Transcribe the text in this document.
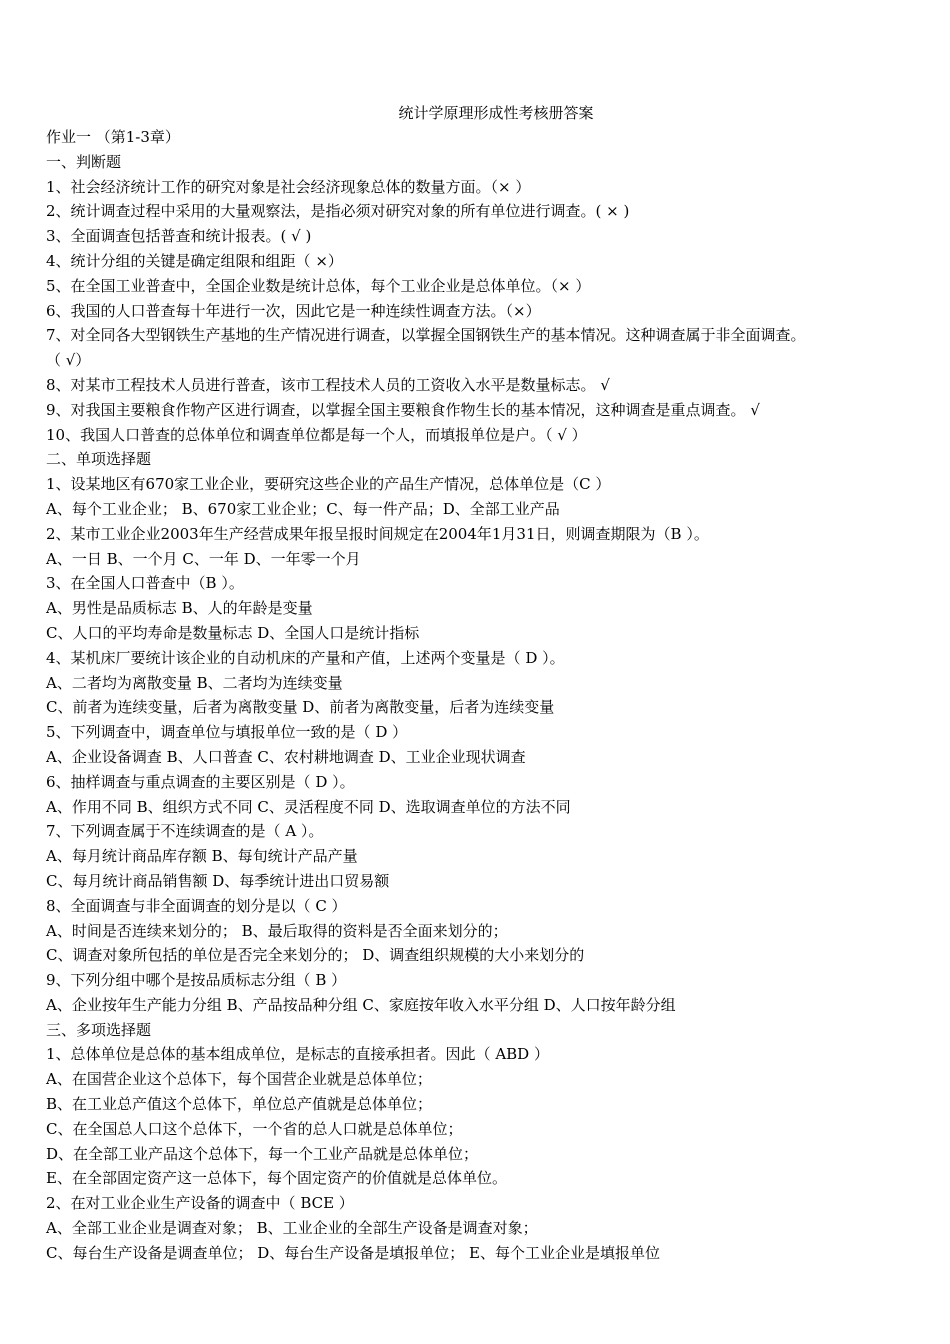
统计学原理形成性考核册答案
作业一 （第1-3章）
一、判断题
1、社会经济统计工作的研究对象是社会经济现象总体的数量方面。（× ）
2、统计调查过程中采用的大量观察法，是指必须对研究对象的所有单位进行调查。( × )
3、全面调查包括普查和统计报表。( √ )
4、统计分组的关键是确定组限和组距（ ×）
5、在全国工业普查中，全国企业数是统计总体，每个工业企业是总体单位。（× ）
6、我国的人口普查每十年进行一次，因此它是一种连续性调查方法。（×）
7、对全同各大型钢铁生产基地的生产情况进行调查，以掌握全国钢铁生产的基本情况。这种调查属于非全面调查。
（ √）
8、对某市工程技术人员进行普查，该市工程技术人员的工资收入水平是数量标志。 √
9、对我国主要粮食作物产区进行调查，以掌握全国主要粮食作物生长的基本情况，这种调查是重点调查。 √
10、我国人口普查的总体单位和调查单位都是每一个人，而填报单位是户。（ √ ）
二、单项选择题
1、设某地区有670家工业企业，要研究这些企业的产品生产情况，总体单位是（C ）
A、每个工业企业； B、670家工业企业；C、每一件产品；D、全部工业产品
2、某市工业企业2003年生产经营成果年报呈报时间规定在2004年1月31日，则调查期限为（B ）。
A、一日 B、一个月 C、一年 D、一年零一个月
3、在全国人口普查中（B ）。
A、男性是品质标志 B、人的年龄是变量
C、人口的平均寿命是数量标志 D、全国人口是统计指标
4、某机床厂要统计该企业的自动机床的产量和产值，上述两个变量是（ D ）。
A、二者均为离散变量 B、二者均为连续变量
C、前者为连续变量，后者为离散变量 D、前者为离散变量，后者为连续变量
5、下列调查中，调查单位与填报单位一致的是（ D ）
A、企业设备调查 B、人口普查 C、农村耕地调查 D、工业企业现状调查
6、抽样调查与重点调查的主要区别是（ D ）。
A、作用不同 B、组织方式不同 C、灵活程度不同 D、选取调查单位的方法不同
7、下列调查属于不连续调查的是（ A ）。
A、每月统计商品库存额 B、每旬统计产品产量
C、每月统计商品销售额 D、每季统计进出口贸易额
8、全面调查与非全面调查的划分是以（ C ）
A、时间是否连续来划分的； B、最后取得的资料是否全面来划分的；
C、调查对象所包括的单位是否完全来划分的； D、调查组织规模的大小来划分的
9、下列分组中哪个是按品质标志分组（ B ）
A、企业按年生产能力分组 B、产品按品种分组 C、家庭按年收入水平分组 D、人口按年龄分组
三、多项选择题
1、总体单位是总体的基本组成单位，是标志的直接承担者。因此（ ABD ）
A、在国营企业这个总体下，每个国营企业就是总体单位；
B、在工业总产值这个总体下，单位总产值就是总体单位；
C、在全国总人口这个总体下，一个省的总人口就是总体单位；
D、在全部工业产品这个总体下，每一个工业产品就是总体单位；
E、在全部固定资产这一总体下，每个固定资产的价值就是总体单位。
2、在对工业企业生产设备的调查中（ BCE ）
A、全部工业企业是调查对象； B、工业企业的全部生产设备是调查对象；
C、每台生产设备是调查单位； D、每台生产设备是填报单位； E、每个工业企业是填报单位
